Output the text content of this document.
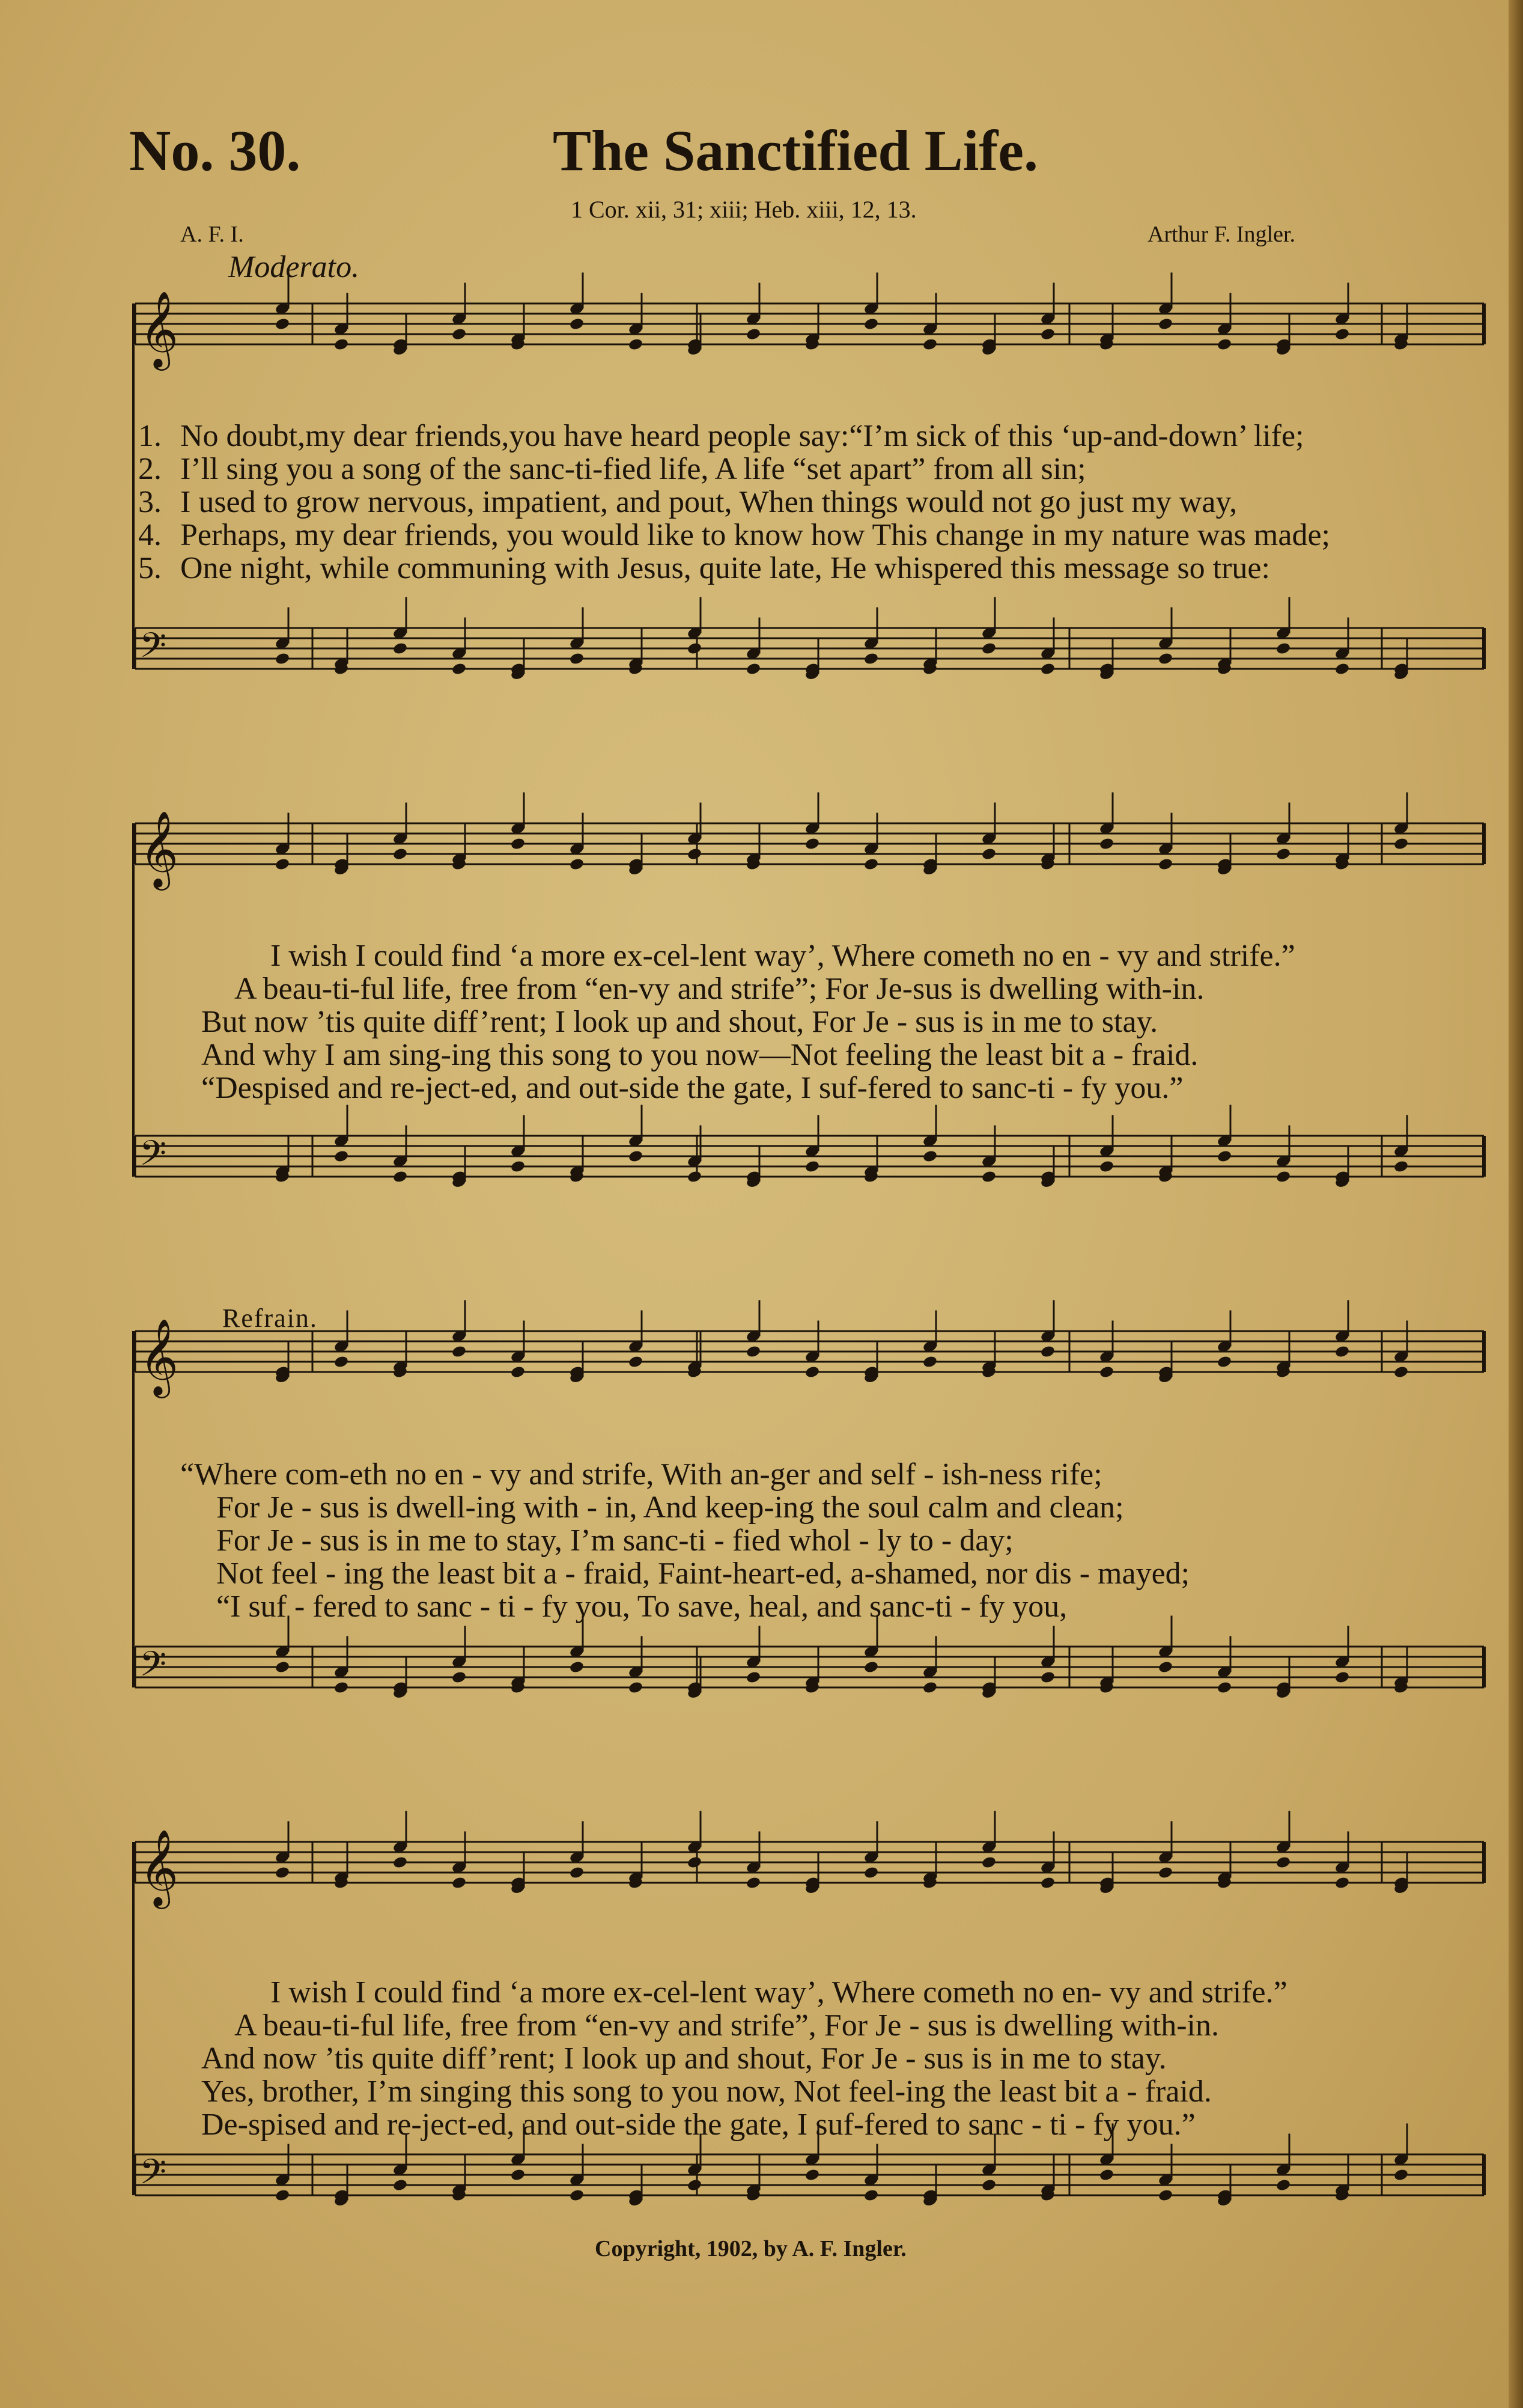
𝄞
𝄢
𝄞
𝄢
𝄞
𝄢
𝄞
𝄢
No. 30.	The Sanctified Life.
1 Cor. xii, 31; xiii; Heb. xiii, 12, 13.
A. F. I.	Arthur F. Ingler.
Moderato.
1. No doubt,my dear friends,you have heard people say:“I’m sick of this ‘up-and-down’ life;
2. I’ll sing you a song of the sanc-ti-fied life, A life “set apart” from all sin;
3. I used to grow nervous, impatient, and pout, When things would not go just my way,
4. Perhaps, my dear friends, you would like to know how This change in my nature was made;
5. One night, while communing with Jesus, quite late, He whispered this message so true:
I wish I could find ‘a more ex-cel-lent way’, Where cometh no en - vy and strife.”
A beau-ti-ful life, free from “en-vy and strife”; For Je-sus is dwelling with-in.
But now ’tis quite diff’rent; I look up and shout, For Je - sus is in me to stay.
And why I am sing-ing this song to you now—Not feeling the least bit a - fraid.
“Despised and re-ject-ed, and out-side the gate, I suf-fered to sanc-ti - fy you.”
Refrain.
“Where com-eth no en - vy and strife, With an-ger and self - ish-ness rife;
For Je - sus is dwell-ing with - in, And keep-ing the soul calm and clean;
For Je - sus is in me to stay, I’m sanc-ti - fied whol - ly to - day;
Not feel - ing the least bit a - fraid, Faint-heart-ed, a-shamed, nor dis - mayed;
“I suf - fered to sanc - ti - fy you, To save, heal, and sanc-ti - fy you,
I wish I could find ‘a more ex-cel-lent way’, Where cometh no en- vy and strife.”
A beau-ti-ful life, free from “en-vy and strife”, For Je - sus is dwelling with-in.
And now ’tis quite diff’rent; I look up and shout, For Je - sus is in me to stay.
Yes, brother, I’m singing this song to you now, Not feel-ing the least bit a - fraid.
De-spised and re-ject-ed, and out-side the gate, I suf-fered to sanc - ti - fy you.”
Copyright, 1902, by A. F. Ingler.
